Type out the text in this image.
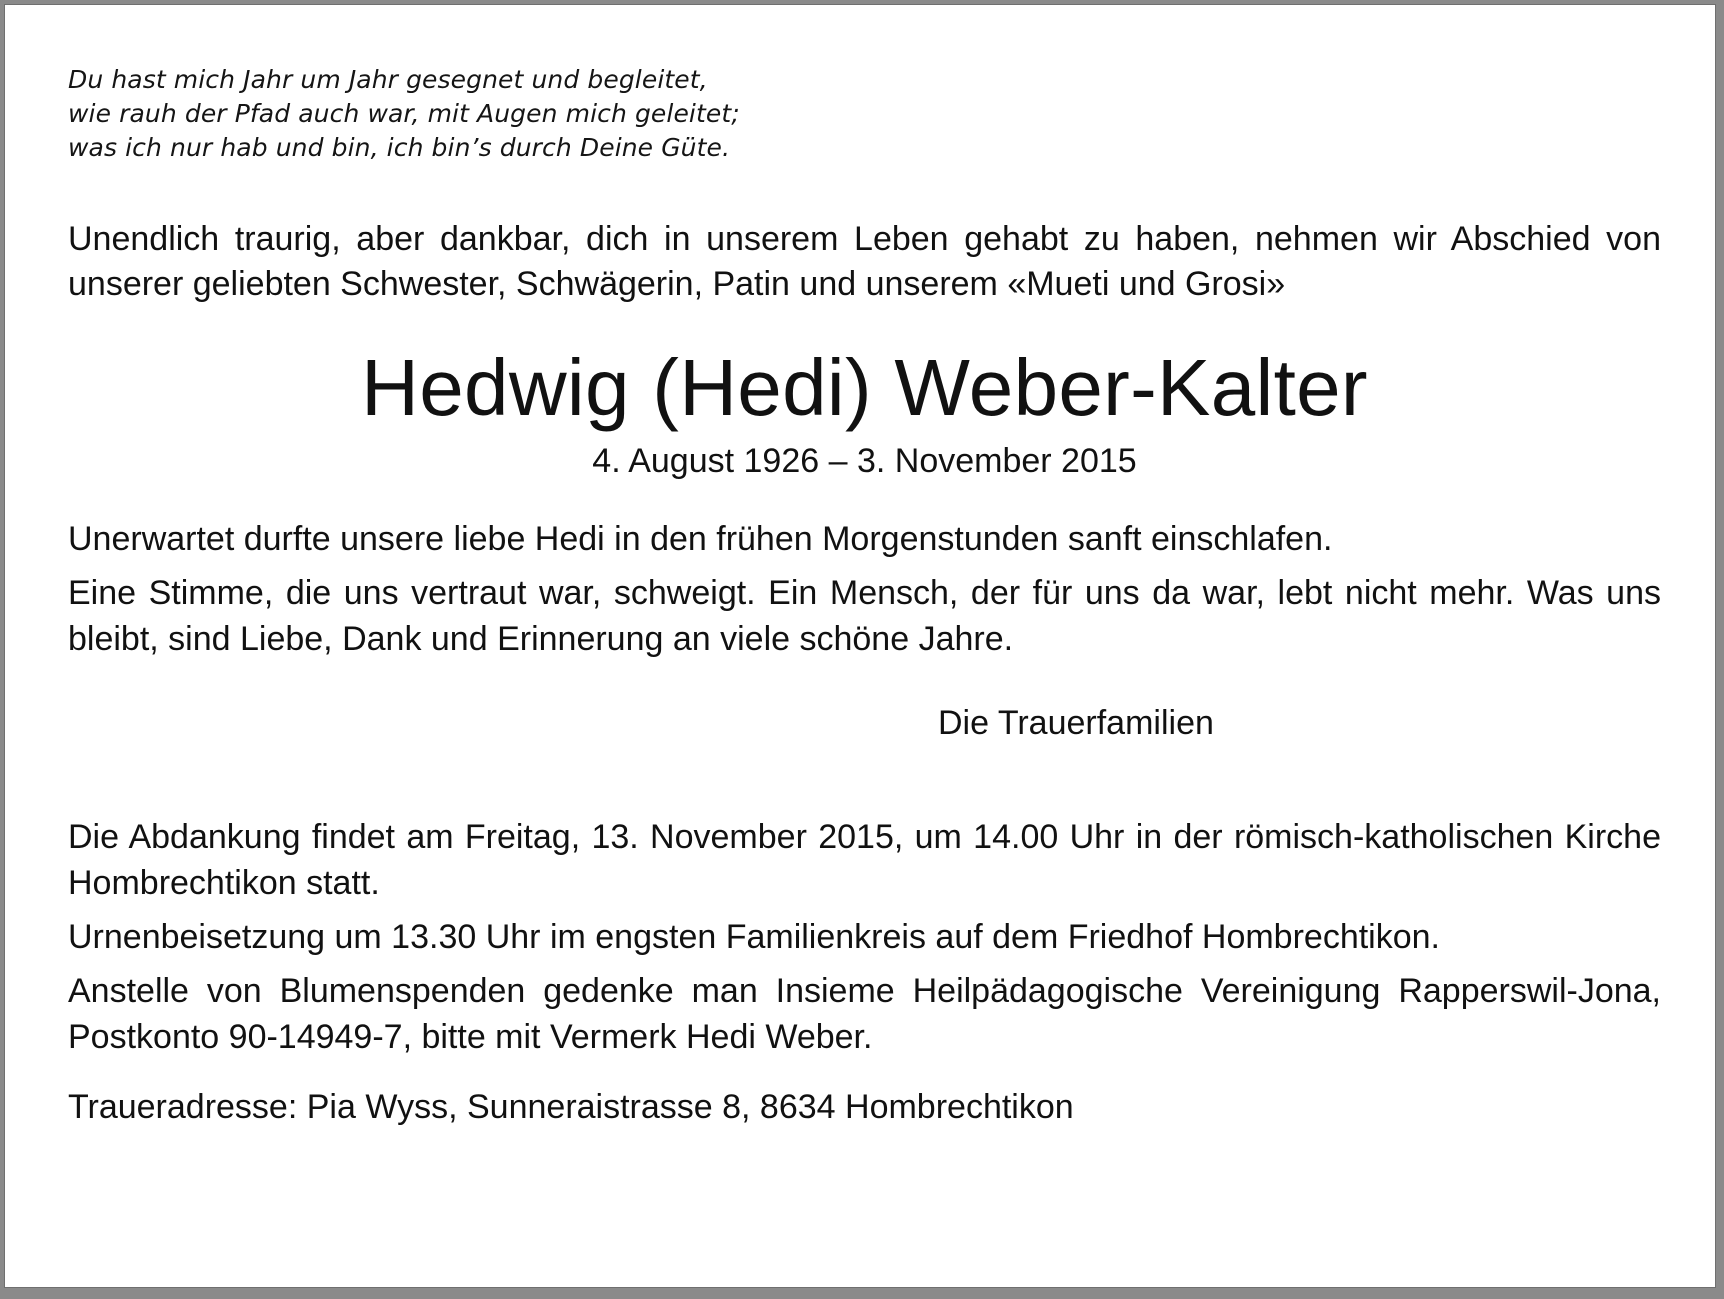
Du hast mich Jahr um Jahr gesegnet und begleitet,
wie rauh der Pfad auch war, mit Augen mich geleitet;
was ich nur hab und bin, ich bin’s durch Deine Güte.
Unendlich traurig, aber dankbar, dich in unserem Leben gehabt zu haben, nehmen wir Abschied von unserer geliebten Schwester, Schwägerin, Patin und unserem «Mueti und Grosi»
Hedwig (Hedi) Weber-Kalter
4. August 1926 – 3. November 2015
Unerwartet durfte unsere liebe Hedi in den frühen Morgenstunden sanft einschlafen.
Eine Stimme, die uns vertraut war, schweigt. Ein Mensch, der für uns da war, lebt nicht mehr. Was uns bleibt, sind Liebe, Dank und Erinnerung an viele schöne Jahre.
Die Trauerfamilien
Die Abdankung findet am Freitag, 13. November 2015, um 14.00 Uhr in der römisch-katholischen Kirche Hombrechtikon statt.
Urnenbeisetzung um 13.30 Uhr im engsten Familienkreis auf dem Friedhof Hombrechtikon.
Anstelle von Blumenspenden gedenke man Insieme Heilpädagogische Vereinigung Rapperswil-Jona, Postkonto 90-14949-7, bitte mit Vermerk Hedi Weber.
Traueradresse: Pia Wyss, Sunneraistrasse 8, 8634 Hombrechtikon
